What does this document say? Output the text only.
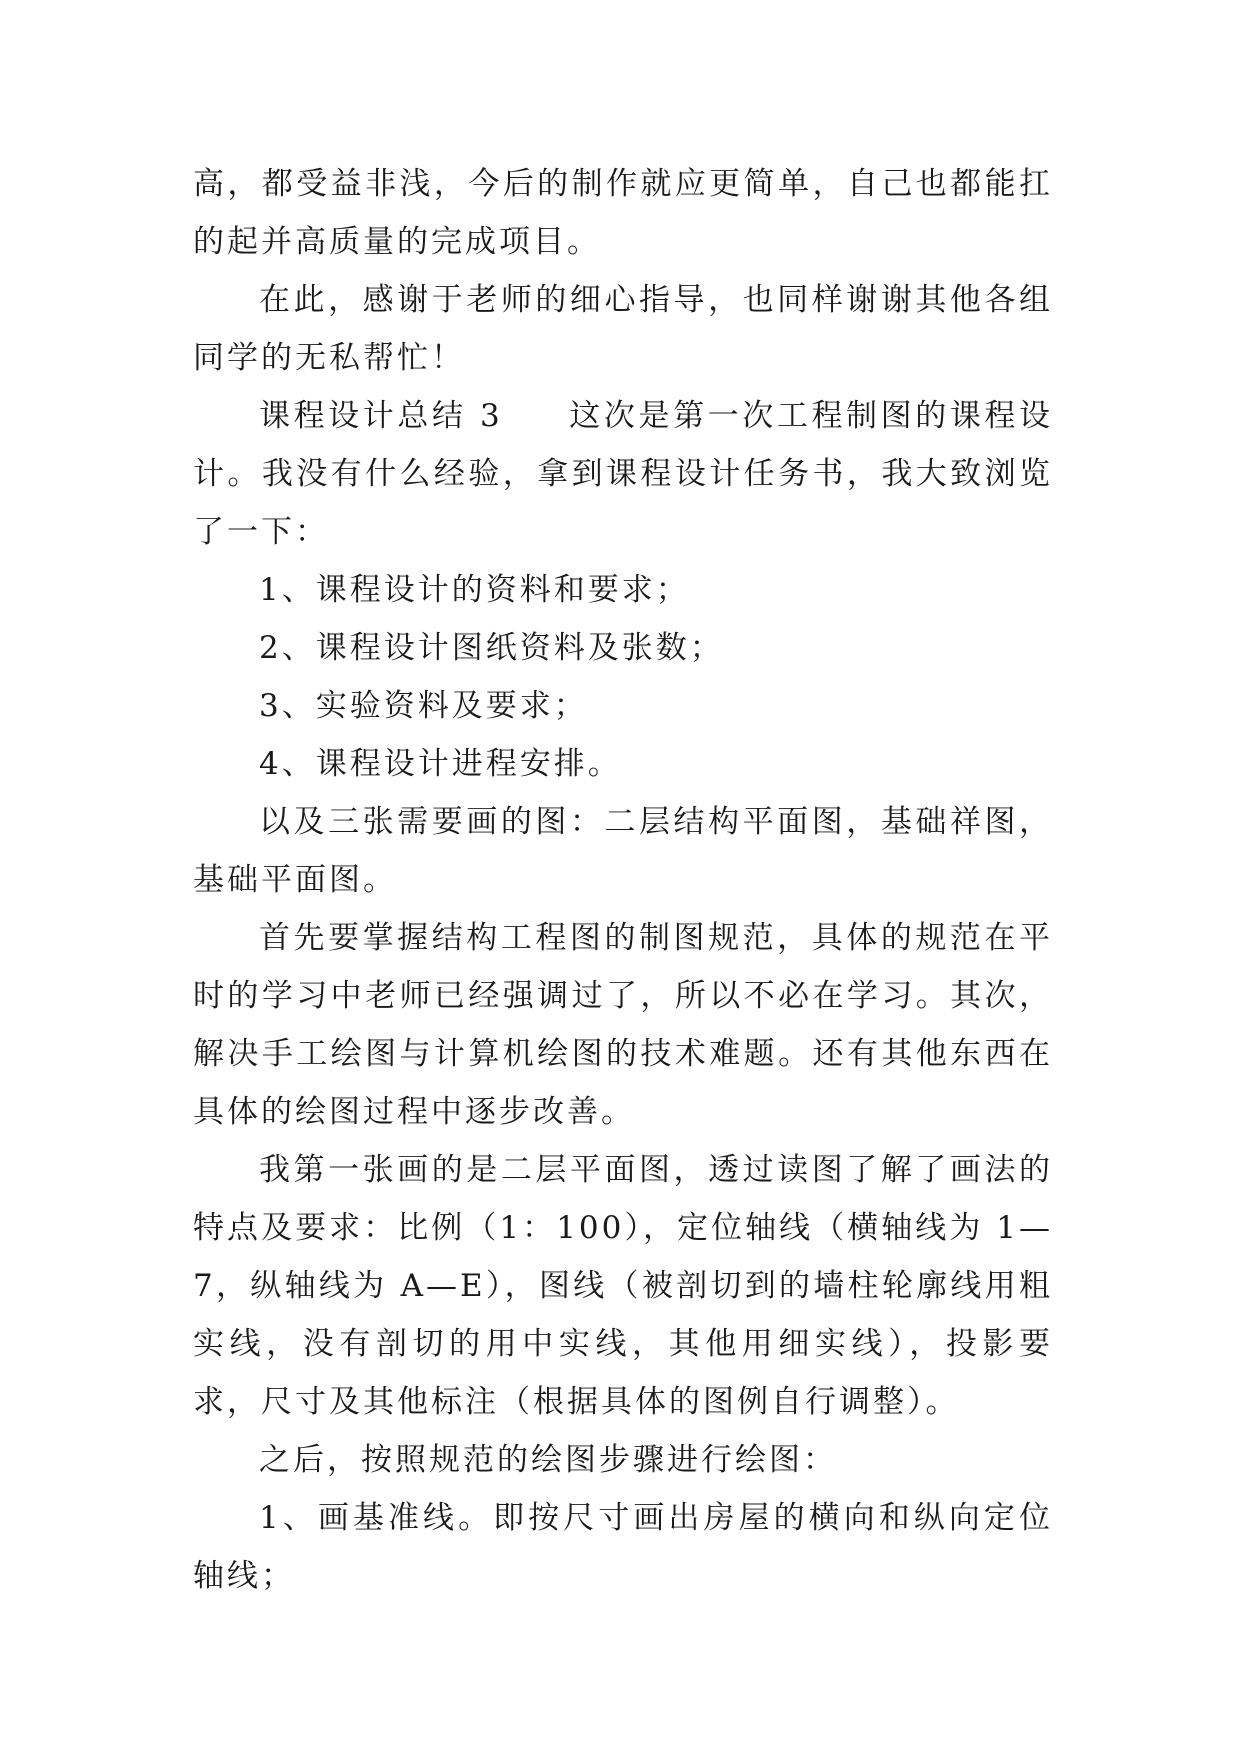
高，都受益非浅，今后的制作就应更简单，自己也都能扛的起并高质量的完成项目。

在此，感谢于老师的细心指导，也同样谢谢其他各组同学的无私帮忙！

课程设计总结 3 这次是第一次工程制图的课程设计。我没有什么经验，拿到课程设计任务书，我大致浏览了一下：

1、课程设计的资料和要求；

2、课程设计图纸资料及张数；

3、实验资料及要求；

4、课程设计进程安排。

以及三张需要画的图：二层结构平面图，基础祥图，基础平面图。

首先要掌握结构工程图的制图规范，具体的规范在平时的学习中老师已经强调过了，所以不必在学习。其次，解决手工绘图与计算机绘图的技术难题。还有其他东西在具体的绘图过程中逐步改善。

我第一张画的是二层平面图，透过读图了解了画法的特点及要求：比例（1：100），定位轴线（横轴线为 1—7，纵轴线为 A—E），图线（被剖切到的墙柱轮廓线用粗实线，没有剖切的用中实线，其他用细实线），投影要求，尺寸及其他标注（根据具体的图例自行调整）。

之后，按照规范的绘图步骤进行绘图：

1、画基准线。即按尺寸画出房屋的横向和纵向定位轴线；
